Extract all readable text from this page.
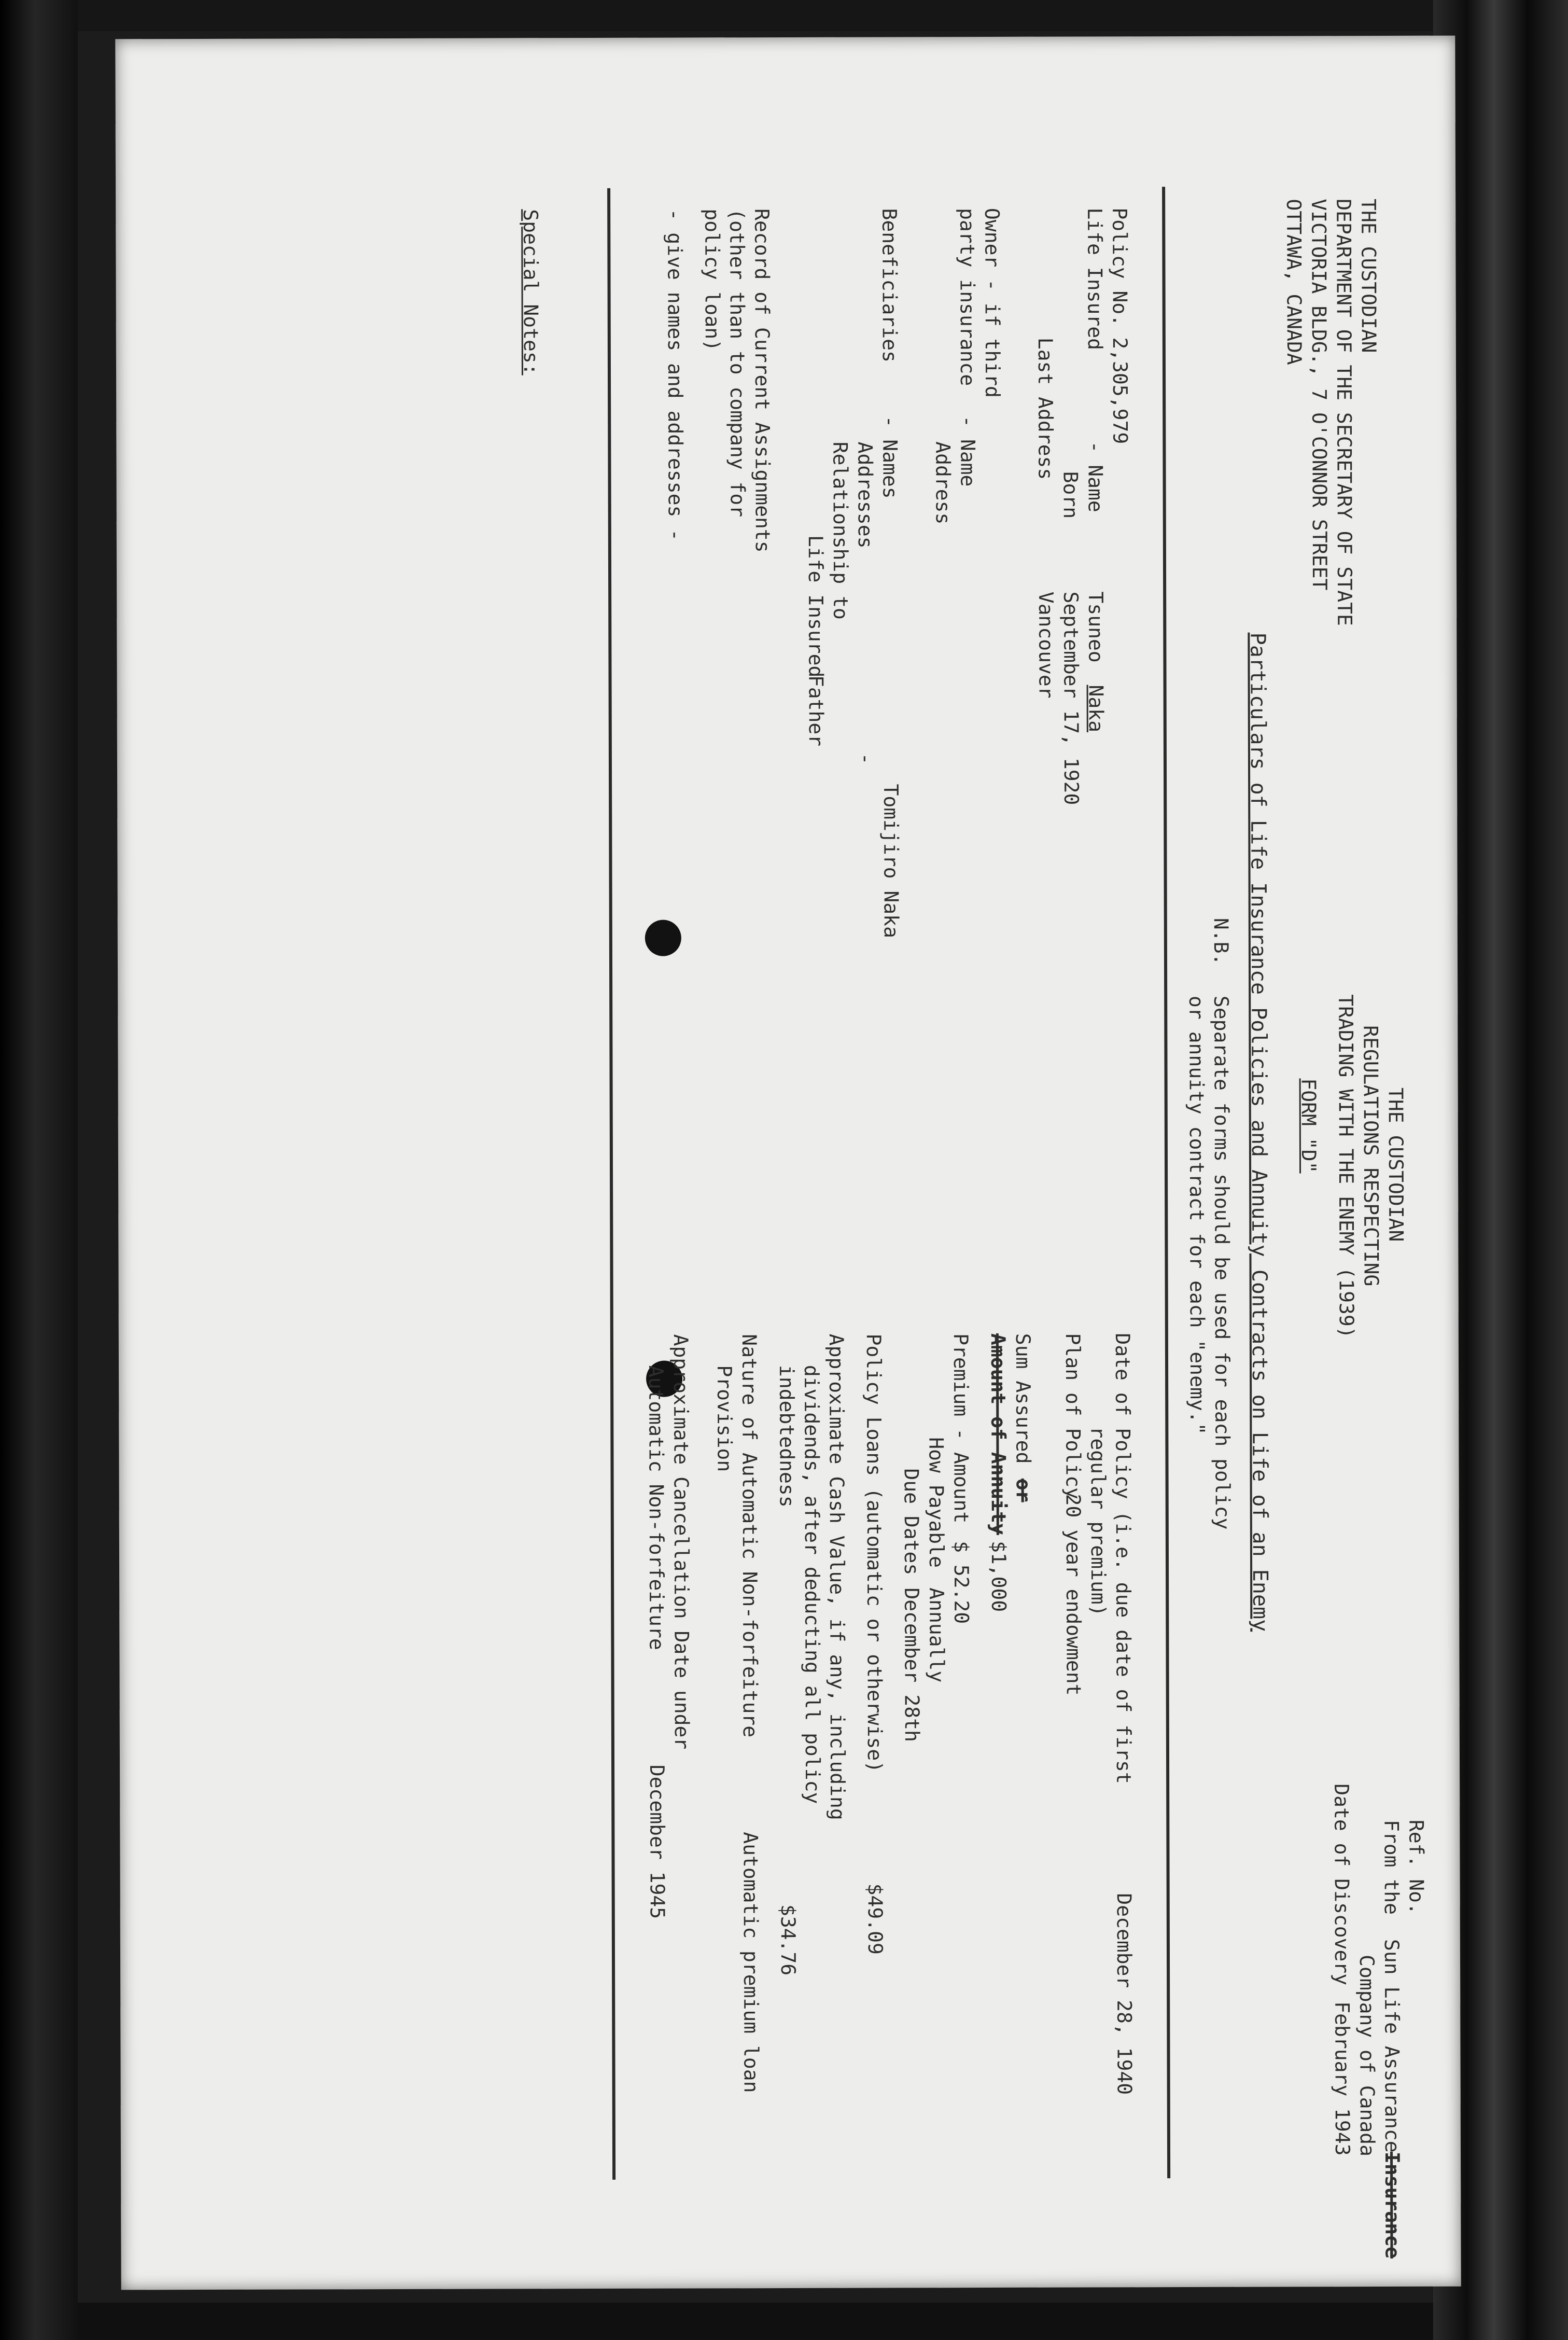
THE CUSTODIAN
DEPARTMENT OF THE SECRETARY OF STATE
VICTORIA BLDG., 7 O'CONNOR STREET
OTTAWA, CANADA
THE CUSTODIAN
REGULATIONS RESPECTING
TRADING WITH THE ENEMY (1939)
FORM "D"
Ref. No.
From the
Sun Life Assurance
Insurance
Company of Canada
Date of Discovery
February 1943
Particulars of Life Insurance Policies and Annuity Contracts on Life of an Enemy
N.B.
Separate forms should be used for each policy
or annuity contract for each "enemy."
Policy No.
2,305,979
Life Insured
- Name
Tsuneo
Naka
Born
September 17, 1920
Last Address
Vancouver
Owner - if third
party insurance
- Name
Address
Beneficiaries
- Names
Tomijiro Naka
Addresses
-
Relationship to
Life Insured
Father
Record of Current Assignments
(other than to company for
policy loan)
- give names and addresses -
Date of Policy (i.e. due date of first
regular premium)
December 28, 1940
Plan of Policy
20 year endowment
Sum Assured
or
Amount of Annuity
$1,000
Premium - Amount
$ 52.20
How Payable
Annually
Due Dates
December 28th
Policy Loans (automatic or otherwise)
$49.09
Approximate Cash Value, if any, including
dividends, after deducting all policy
indebtedness
$34.76
Nature of Automatic Non-forfeiture
Provision
Automatic premium loan
Approximate Cancellation Date under
Automatic Non-forfeiture
December 1945
Special Notes:
